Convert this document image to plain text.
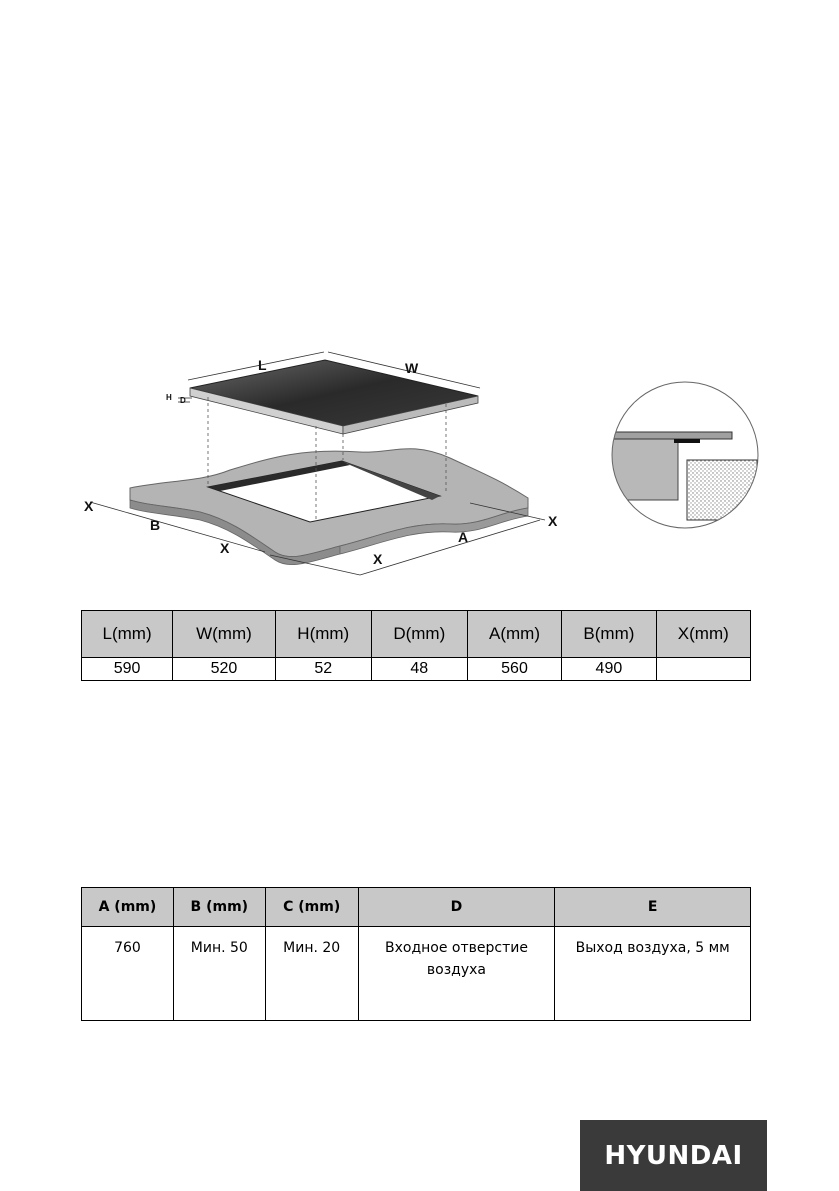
L	W
H D
X
B
X
X
A
X
L(mm)	W(mm)	H(mm)	D(mm)	A(mm)	B(mm)	X(mm)
590	520	52	48	560	490	
A (mm)	B (mm)	C (mm)	D	E
760	Мин. 50	Мин. 20	Входное отверстие воздуха	Выход воздуха, 5 мм
HYUNDAI
